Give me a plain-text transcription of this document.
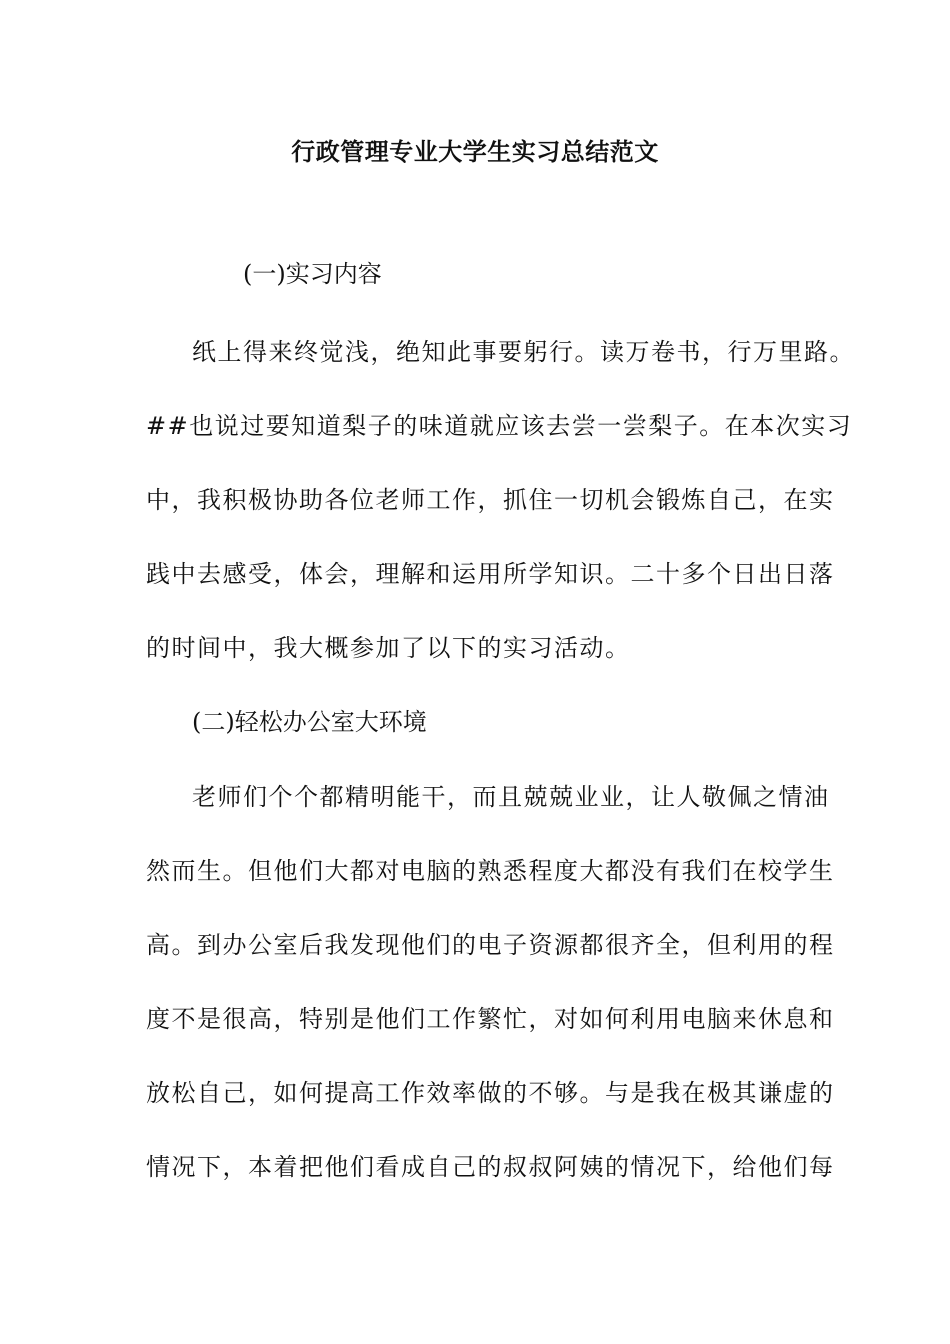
行政管理专业大学生实习总结范文
(一)实习内容
纸上得来终觉浅，绝知此事要躬行。读万卷书，行万里路。
##也说过要知道梨子的味道就应该去尝一尝梨子。在本次实习
中，我积极协助各位老师工作，抓住一切机会锻炼自己，在实
践中去感受，体会，理解和运用所学知识。二十多个日出日落
的时间中，我大概参加了以下的实习活动。
(二)轻松办公室大环境
老师们个个都精明能干，而且兢兢业业，让人敬佩之情油
然而生。但他们大都对电脑的熟悉程度大都没有我们在校学生
高。到办公室后我发现他们的电子资源都很齐全，但利用的程
度不是很高，特别是他们工作繁忙，对如何利用电脑来休息和
放松自己，如何提高工作效率做的不够。与是我在极其谦虚的
情况下，本着把他们看成自己的叔叔阿姨的情况下，给他们每
